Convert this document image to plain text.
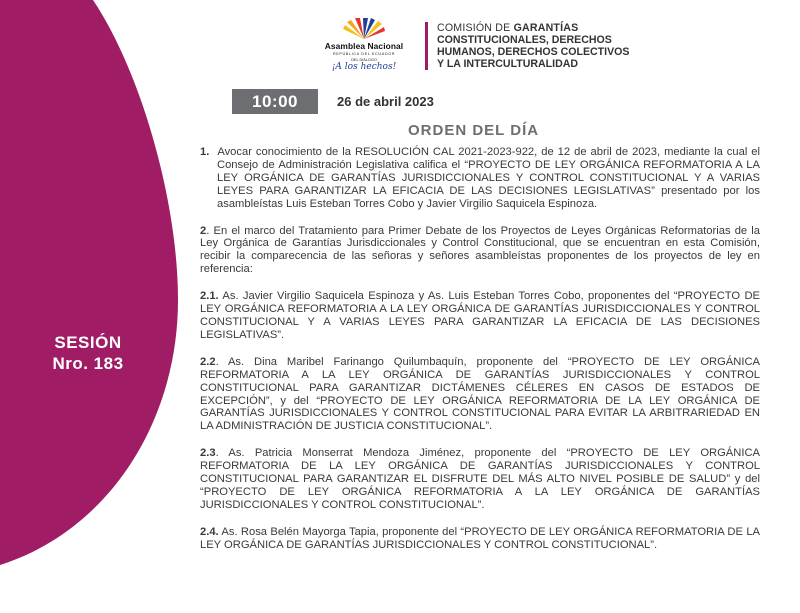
SESIÓN
Nro. 183
Asamblea Nacional
REPÚBLICA DEL ECUADOR
DEL DIÁLOGO
¡A los hechos!
COMISIÓN DE GARANTÍAS
CONSTITUCIONALES, DERECHOS
HUMANOS, DERECHOS COLECTIVOS
Y LA INTERCULTURALIDAD
10:00	26 de abril 2023
ORDEN DEL DÍA

1. Avocar conocimiento de la RESOLUCIÓN CAL 2021-2023-922, de 12 de abril de 2023, mediante la cual el Consejo de Administración Legislativa califica el “PROYECTO DE LEY ORGÁNICA REFORMATORIA A LA LEY ORGÁNICA DE GARANTÍAS JURISDICCIONALES Y CONTROL CONSTITUCIONAL Y A VARIAS LEYES PARA GARANTIZAR LA EFICACIA DE LAS DECISIONES LEGISLATIVAS” presentado por los asambleístas Luis Esteban Torres Cobo y Javier Virgilio Saquicela Espinoza.

2. En el marco del Tratamiento para Primer Debate de los Proyectos de Leyes Orgánicas Reformatorias de la Ley Orgánica de Garantías Jurisdiccionales y Control Constitucional, que se encuentran en esta Comisión, recibir la comparecencia de las señoras y señores asambleístas proponentes de los proyectos de ley en referencia:

2.1. As. Javier Virgilio Saquicela Espinoza y As. Luis Esteban Torres Cobo, proponentes del “PROYECTO DE LEY ORGÁNICA REFORMATORIA A LA LEY ORGÁNICA DE GARANTÍAS JURISDICCIONALES Y CONTROL CONSTITUCIONAL Y A VARIAS LEYES PARA GARANTIZAR LA EFICACIA DE LAS DECISIONES LEGISLATIVAS”.

2.2. As. Dina Maribel Farinango Quilumbaquín, proponente del “PROYECTO DE LEY ORGÁNICA REFORMATORIA A LA LEY ORGÁNICA DE GARANTÍAS JURISDICCIONALES Y CONTROL CONSTITUCIONAL PARA GARANTIZAR DICTÁMENES CÉLERES EN CASOS DE ESTADOS DE EXCEPCIÓN”, y del “PROYECTO DE LEY ORGÁNICA REFORMATORIA DE LA LEY ORGÁNICA DE GARANTÍAS JURISDICCIONALES Y CONTROL CONSTITUCIONAL PARA EVITAR LA ARBITRARIEDAD EN LA ADMINISTRACIÓN DE JUSTICIA CONSTITUCIONAL”.

2.3. As. Patricia Monserrat Mendoza Jiménez, proponente del “PROYECTO DE LEY ORGÁNICA REFORMATORIA DE LA LEY ORGÁNICA DE GARANTÍAS JURISDICCIONALES Y CONTROL CONSTITUCIONAL PARA GARANTIZAR EL DISFRUTE DEL MÁS ALTO NIVEL POSIBLE DE SALUD” y del “PROYECTO DE LEY ORGÁNICA REFORMATORIA A LA LEY ORGÁNICA DE GARANTÍAS JURISDICCIONALES Y CONTROL CONSTITUCIONAL”.

2.4. As. Rosa Belén Mayorga Tapia, proponente del “PROYECTO DE LEY ORGÁNICA REFORMATORIA DE LA LEY ORGÁNICA DE GARANTÍAS JURISDICCIONALES Y CONTROL CONSTITUCIONAL”.
